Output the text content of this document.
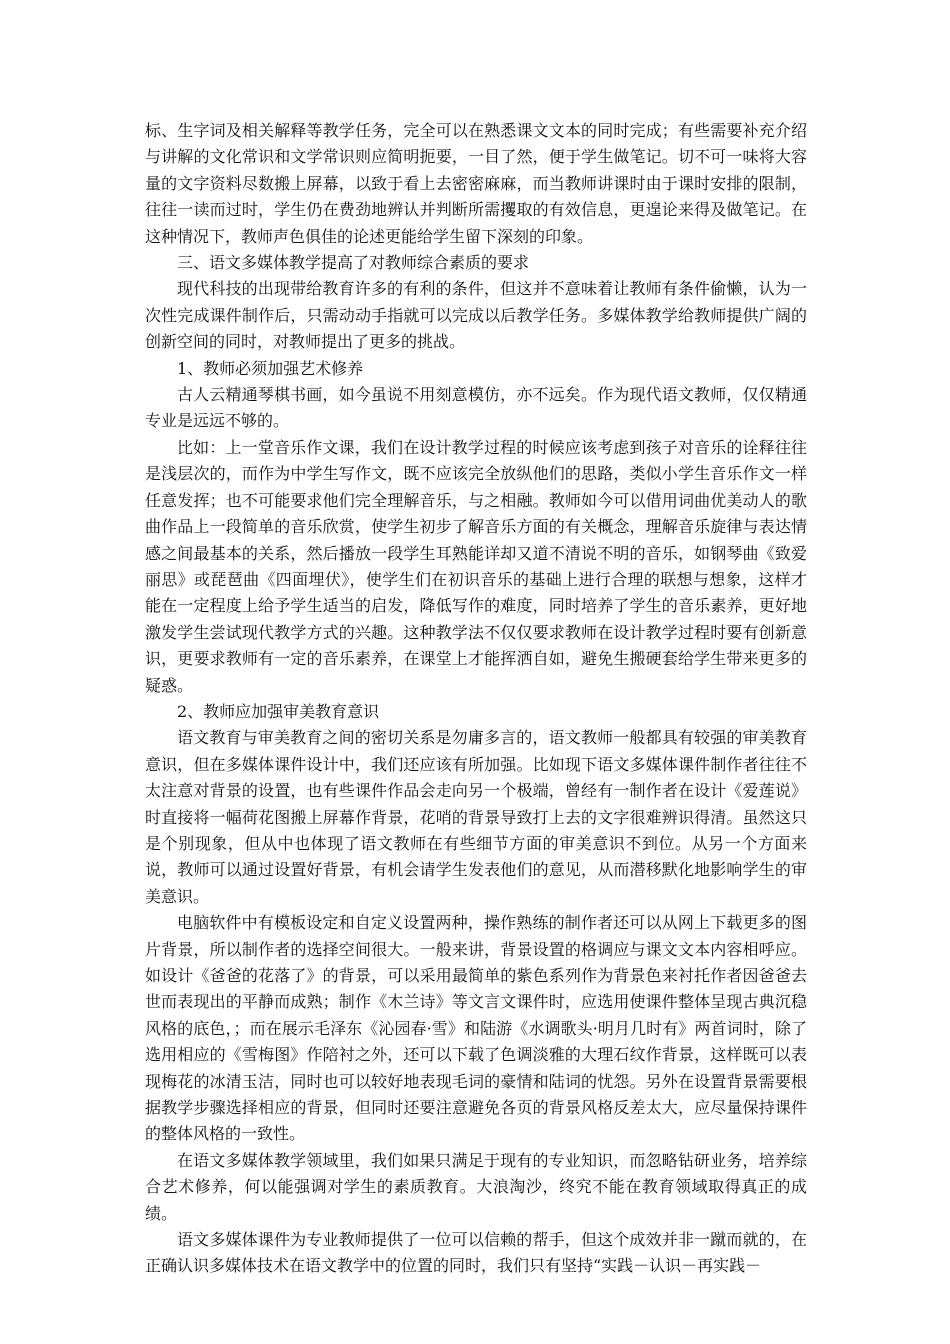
标、生字词及相关解释等教学任务，完全可以在熟悉课文文本的同时完成；有些需要补充介绍与讲解的文化常识和文学常识则应简明扼要，一目了然，便于学生做笔记。切不可一味将大容量的文字资料尽数搬上屏幕，以致于看上去密密麻麻，而当教师讲课时由于课时安排的限制，往往一读而过时，学生仍在费劲地辨认并判断所需攫取的有效信息，更遑论来得及做笔记。在这种情况下，教师声色俱佳的论述更能给学生留下深刻的印象。

三、语文多媒体教学提高了对教师综合素质的要求

现代科技的出现带给教育许多的有利的条件，但这并不意味着让教师有条件偷懒，认为一次性完成课件制作后，只需动动手指就可以完成以后教学任务。多媒体教学给教师提供广阔的创新空间的同时，对教师提出了更多的挑战。

1、教师必须加强艺术修养

古人云精通琴棋书画，如今虽说不用刻意模仿，亦不远矣。作为现代语文教师，仅仅精通专业是远远不够的。

比如：上一堂音乐作文课，我们在设计教学过程的时候应该考虑到孩子对音乐的诠释往往是浅层次的，而作为中学生写作文，既不应该完全放纵他们的思路，类似小学生音乐作文一样任意发挥；也不可能要求他们完全理解音乐，与之相融。教师如今可以借用词曲优美动人的歌曲作品上一段简单的音乐欣赏，使学生初步了解音乐方面的有关概念，理解音乐旋律与表达情感之间最基本的关系，然后播放一段学生耳熟能详却又道不清说不明的音乐，如钢琴曲《致爱丽思》或琵琶曲《四面埋伏》，使学生们在初识音乐的基础上进行合理的联想与想象，这样才能在一定程度上给予学生适当的启发，降低写作的难度，同时培养了学生的音乐素养，更好地激发学生尝试现代教学方式的兴趣。这种教学法不仅仅要求教师在设计教学过程时要有创新意识，更要求教师有一定的音乐素养，在课堂上才能挥洒自如，避免生搬硬套给学生带来更多的疑惑。

2、教师应加强审美教育意识

语文教育与审美教育之间的密切关系是勿庸多言的，语文教师一般都具有较强的审美教育意识，但在多媒体课件设计中，我们还应该有所加强。比如现下语文多媒体课件制作者往往不太注意对背景的设置，也有些课件作品会走向另一个极端，曾经有一制作者在设计《爱莲说》时直接将一幅荷花图搬上屏幕作背景，花哨的背景导致打上去的文字很难辨识得清。虽然这只是个别现象，但从中也体现了语文教师在有些细节方面的审美意识不到位。从另一个方面来说，教师可以通过设置好背景，有机会请学生发表他们的意见，从而潜移默化地影响学生的审美意识。

电脑软件中有模板设定和自定义设置两种，操作熟练的制作者还可以从网上下载更多的图片背景，所以制作者的选择空间很大。一般来讲，背景设置的格调应与课文文本内容相呼应。如设计《爸爸的花落了》的背景，可以采用最简单的紫色系列作为背景色来衬托作者因爸爸去世而表现出的平静而成熟；制作《木兰诗》等文言文课件时，应选用使课件整体呈现古典沉稳风格的底色，；而在展示毛泽东《沁园春·雪》和陆游《水调歌头·明月几时有》两首词时，除了选用相应的《雪梅图》作陪衬之外，还可以下载了色调淡雅的大理石纹作背景，这样既可以表现梅花的冰清玉洁，同时也可以较好地表现毛词的豪情和陆词的忧怨。另外在设置背景需要根据教学步骤选择相应的背景，但同时还要注意避免各页的背景风格反差太大，应尽量保持课件的整体风格的一致性。

在语文多媒体教学领域里，我们如果只满足于现有的专业知识，而忽略钻研业务，培养综合艺术修养，何以能强调对学生的素质教育。大浪淘沙，终究不能在教育领域取得真正的成绩。

语文多媒体课件为专业教师提供了一位可以信赖的帮手，但这个成效并非一蹴而就的，在正确认识多媒体技术在语文教学中的位置的同时，我们只有坚持“实践－认识－再实践－
